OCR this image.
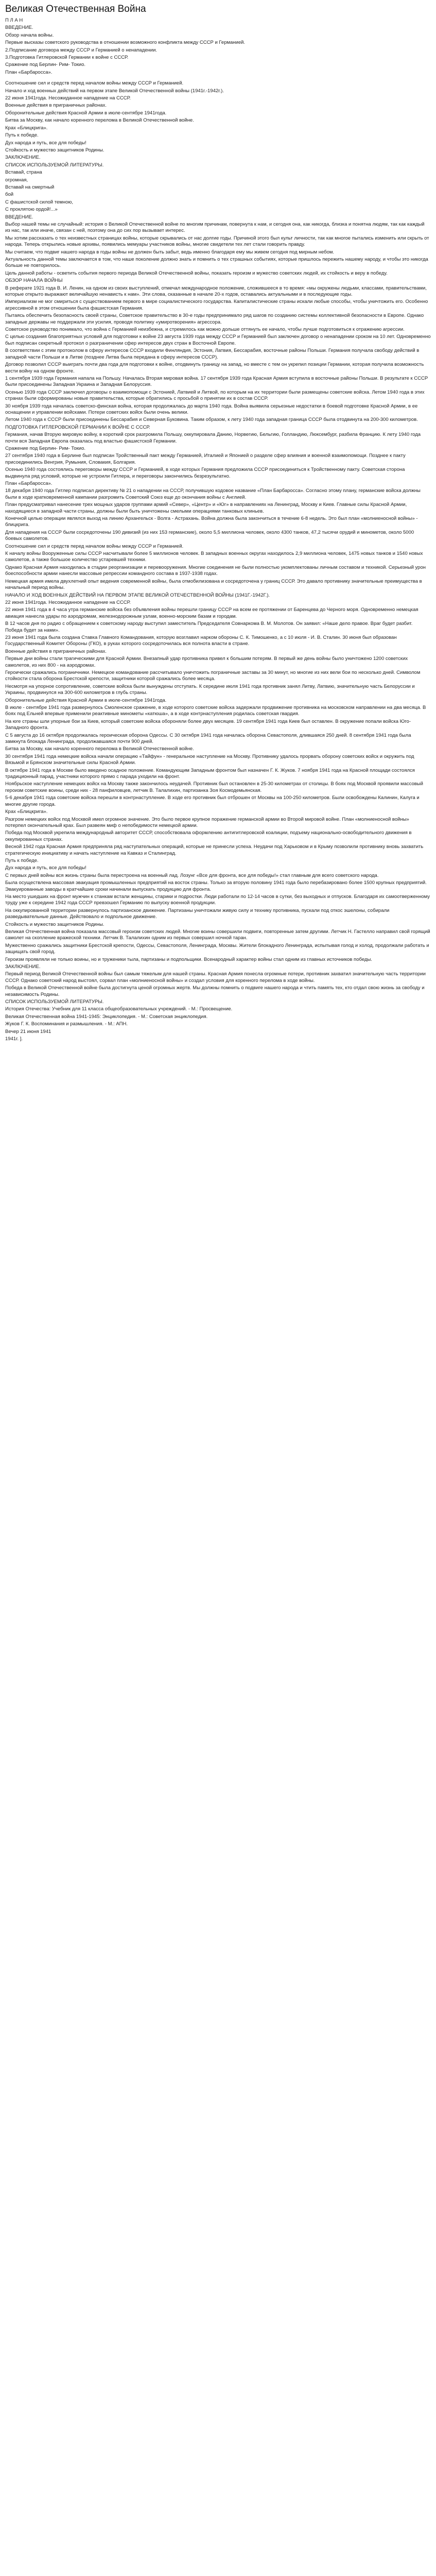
Великая Отечественная Война

П Л А Н

ВВЕДЕНИЕ.

Обзор начала войны.

Первые высказы советского руководства в отношении возможного конфликта между СССР и Германией.

2.Подписание договора между СССР и Германией о ненападении.

3.Подготовка Гитлеровской Германии к войне с СССР.

Сражение под Берлин- Рим- Токио.

План «Барбаросса».

Соотношение сил и средств перед началом войны между СССР и Германией.

Начало и ход военных действий на первом этапе Великой Отечественной войны (1941г.-1942г.).

22 июня 1941года. Несожиданное нападение на СССР.

Военные действия в приграничных районах.

Оборонительные действия Красной Армии в июле-сентябре 1941года.

Битва за Москву, как начало коренного перелома в Великой Отечественной войне.

Крах «Блицкрига».

Путь к победе.

Дух народа и путь, все для победы!

Стойкость и мужество защитников Родины.

ЗАКЛЮЧЕНИЕ.

СПИСОК ИСПОЛЬЗУЕМОЙ ЛИТЕРАТУРЫ.

Вставай, страна

огромная,

Вставай на смертный

бой

С фашистской силой темною,

С проклятою ордой!...»

ВВЕДЕНИЕ.

Выбор нашей темы не случайный: история о Великой Отечественной войне по многим причинам, повернута к нам, и сегодня она, как никогда, близка и понятна людям, так как каждый из нас, так или иначе, связан с ней, поэтому она до сих пор вызывает интерес.

Мы хотим рассказать о тех неизвестных страницах войны, которые скрывались от нас долгие годы. Причиной этого был культ личности, так как многое пытались изменить или скрыть от народа. Теперь открылись новые архивы, появились мемуары участников войны, многие свидетели тех лет стали говорить правду.

Мы считаем, что подвиг нашего народа в годы войны не должен быть забыт, ведь именно благодаря ему мы живем сегодня под мирным небом.

Актуальность данной темы заключается в том, что наше поколение должно знать и помнить о тех страшных событиях, которые пришлось пережить нашему народу, и чтобы это никогда больше не повторилось.

Цель данной работы - осветить события первого периода Великой Отечественной войны, показать героизм и мужество советских людей, их стойкость и веру в победу.

ОБЗОР НАЧАЛА ВОЙНЫ

В реферате 1921 года В. И. Ленин, на одном из своих выступлений, отмечал международное положение, сложившееся в то время: «мы окружены людьми, классами, правительствами, которые открыто выражают величайшую ненависть к нам». Эти слова, сказанные в начале 20-х годов, оставались актуальными и в последующие годы.

Империализм не мог смириться с существованием первого в мире социалистического государства. Капиталистические страны искали любые способы, чтобы уничтожить его. Особенно агрессивной в этом отношении была фашистская Германия.

Пытаясь обеспечить безопасность своей страны, Советское правительство в 30-е годы предпринимало ряд шагов по созданию системы коллективной безопасности в Европе. Однако западные державы не поддержали эти усилия, проводя политику «умиротворения» агрессора.

Советское руководство понимало, что война с Германией неизбежна, и стремилось как можно дольше оттянуть ее начало, чтобы лучше подготовиться к отражению агрессии.

С целью создания благоприятных условий для подготовки к войне 23 августа 1939 года между СССР и Германией был заключен договор о ненападении сроком на 10 лет. Одновременно был подписан секретный протокол о разграничении сфер интересов двух стран в Восточной Европе.

В соответствии с этим протоколом в сферу интересов СССР входили Финляндия, Эстония, Латвия, Бессарабия, восточные районы Польши. Германия получала свободу действий в западной части Польши и в Литве (позднее Литва была передана в сферу интересов СССР).

Договор позволил СССР выиграть почти два года для подготовки к войне, отодвинуть границу на запад, но вместе с тем он укрепил позиции Германии, которая получила возможность вести войну на одном фронте.

1 сентября 1939 года Германия напала на Польшу. Началась Вторая мировая война. 17 сентября 1939 года Красная Армия вступила в восточные районы Польши. В результате к СССР были присоединены Западная Украина и Западная Белоруссия.

Осенью 1939 года СССР заключил договоры о взаимопомощи с Эстонией, Латвией и Литвой, по которым на их территории были размещены советские войска. Летом 1940 года в этих странах были сформированы новые правительства, которые обратились с просьбой о принятии их в состав СССР.

30 ноября 1939 года началась советско-финская война, которая продолжалась до марта 1940 года. Война выявила серьезные недостатки в боевой подготовке Красной Армии, в ее оснащении и управлении войсками. Потери советских войск были очень велики.

Летом 1940 года к СССР были присоединены Бессарабия и Северная Буковина. Таким образом, к лету 1940 года западная граница СССР была отодвинута на 200-300 километров.

ПОДГОТОВКА ГИТЛЕРОВСКОЙ ГЕРМАНИИ К ВОЙНЕ С СССР.

Германия, начав Вторую мировую войну, в короткий срок разгромила Польшу, оккупировала Данию, Норвегию, Бельгию, Голландию, Люксембург, разбила Францию. К лету 1940 года почти вся Западная Европа оказалась под властью фашистской Германии.

Сражение под Берлин- Рим- Токио.

27 сентября 1940 года в Берлине был подписан Тройственный пакт между Германией, Италией и Японией о разделе сфер влияния и военной взаимопомощи. Позднее к пакту присоединились Венгрия, Румыния, Словакия, Болгария.

Осенью 1940 года состоялись переговоры между СССР и Германией, в ходе которых Германия предложила СССР присоединиться к Тройственному пакту. Советская сторона выдвинула ряд условий, которые не устроили Гитлера, и переговоры закончились безрезультатно.

План «Барбаросса».

18 декабря 1940 года Гитлер подписал директиву № 21 о нападении на СССР, получившую кодовое название «План Барбаросса». Согласно этому плану, германские войска должны были в ходе кратковременной кампании разгромить Советский Союз еще до окончания войны с Англией.

План предусматривал нанесение трех мощных ударов группами армий «Север», «Центр» и «Юг» в направлениях на Ленинград, Москву и Киев. Главные силы Красной Армии, находящиеся в западной части страны, должны были быть уничтожены смелыми операциями танковых клиньев.

Конечной целью операции являлся выход на линию Архангельск - Волга - Астрахань. Война должна была закончиться в течение 6-8 недель. Это был план «молниеносной войны» - блицкрига.

Для нападения на СССР были сосредоточены 190 дивизий (из них 153 германские), около 5,5 миллиона человек, около 4300 танков, 47,2 тысячи орудий и минометов, около 5000 боевых самолетов.

Соотношение сил и средств перед началом войны между СССР и Германией.

К началу войны Вооруженные силы СССР насчитывали более 5 миллионов человек. В западных военных округах находилось 2,9 миллиона человек, 1475 новых танков и 1540 новых самолетов, а также большое количество устаревшей техники.

Однако Красная Армия находилась в стадии реорганизации и перевооружения. Многие соединения не были полностью укомплектованы личным составом и техникой. Серьезный урон боеспособности армии нанесли массовые репрессии командного состава в 1937-1938 годах.

Немецкая армия имела двухлетний опыт ведения современной войны, была отмобилизована и сосредоточена у границ СССР. Это давало противнику значительные преимущества в начальный период войны.

НАЧАЛО И ХОД ВОЕННЫХ ДЕЙСТВИЙ НА ПЕРВОМ ЭТАПЕ ВЕЛИКОЙ ОТЕЧЕСТВЕННОЙ ВОЙНЫ (1941Г.-1942Г.).

22 июня 1941года. Несожиданное нападение на СССР.

22 июня 1941 года в 4 часа утра германские войска без объявления войны перешли границу СССР на всем ее протяжении от Баренцева до Черного моря. Одновременно немецкая авиация нанесла удары по аэродромам, железнодорожным узлам, военно-морским базам и городам.

В 12 часов дня по радио с обращением к советскому народу выступил заместитель Председателя Совнаркома В. М. Молотов. Он заявил: «Наше дело правое. Враг будет разбит. Победа будет за нами».

23 июня 1941 года была создана Ставка Главного Командования, которую возглавил нарком обороны С. К. Тимошенко, а с 10 июля - И. В. Сталин. 30 июня был образован Государственный Комитет Обороны (ГКО), в руках которого сосредоточилась вся полнота власти в стране.

Военные действия в приграничных районах.

Первые дни войны стали трагическими для Красной Армии. Внезапный удар противника привел к большим потерям. В первый же день войны было уничтожено 1200 советских самолетов, из них 800 - на аэродромах.

Героически сражались пограничники. Немецкое командование рассчитывало уничтожить пограничные заставы за 30 минут, но многие из них вели бои по несколько дней. Символом стойкости стала оборона Брестской крепости, защитники которой сражались более месяца.

Несмотря на упорное сопротивление, советские войска были вынуждены отступать. К середине июля 1941 года противник занял Литву, Латвию, значительную часть Белоруссии и Украины, продвинулся на 300-600 километров в глубь страны.

Оборонительные действия Красной Армии в июле-сентябре 1941года.

В июле - сентябре 1941 года развернулось Смоленское сражение, в ходе которого советские войска задержали продвижение противника на московском направлении на два месяца. В боях под Ельней впервые применили реактивные минометы «катюша», а в ходе контрнаступления родилась советская гвардия.

На юге страны шли упорные бои за Киев, который советские войска обороняли более двух месяцев. 19 сентября 1941 года Киев был оставлен. В окружение попали войска Юго-Западного фронта.

С 5 августа до 16 октября продолжалась героическая оборона Одессы. С 30 октября 1941 года началась оборона Севастополя, длившаяся 250 дней. 8 сентября 1941 года была замкнута блокада Ленинграда, продолжавшаяся почти 900 дней.

Битва за Москву, как начало коренного перелома в Великой Отечественной войне.

30 сентября 1941 года немецкие войска начали операцию «Тайфун» - генеральное наступление на Москву. Противнику удалось прорвать оборону советских войск и окружить под Вязьмой и Брянском значительные силы Красной Армии.

В октябре 1941 года в Москве было введено осадное положение. Командующим Западным фронтом был назначен Г. К. Жуков. 7 ноября 1941 года на Красной площади состоялся традиционный парад, участники которого прямо с парада уходили на фронт.

Ноябрьское наступление немецких войск на Москву также закончилось неудачей. Противник был остановлен в 25-30 километрах от столицы. В боях под Москвой проявили массовый героизм советские воины, среди них - 28 панфиловцев, летчик В. Талалихин, партизанка Зоя Космодемьянская.

5-6 декабря 1941 года советские войска перешли в контрнаступление. В ходе его противник был отброшен от Москвы на 100-250 километров. Были освобождены Калинин, Калуга и многие другие города.

Крах «Блицкрига».

Разгром немецких войск под Москвой имел огромное значение. Это было первое крупное поражение германской армии во Второй мировой войне. План «молниеносной войны» потерпел окончательный крах. Был развеян миф о непобедимости немецкой армии.

Победа под Москвой укрепила международный авторитет СССР, способствовала оформлению антигитлеровской коалиции, подъему национально-освободительного движения в оккупированных странах.

Весной 1942 года Красная Армия предприняла ряд наступательных операций, которые не принесли успеха. Неудачи под Харьковом и в Крыму позволили противнику вновь захватить стратегическую инициативу и начать наступление на Кавказ и Сталинград.

Путь к победе.

Дух народа и путь, все для победы!

С первых дней войны вся жизнь страны была перестроена на военный лад. Лозунг «Все для фронта, все для победы!» стал главным для всего советского народа.

Была осуществлена массовая эвакуация промышленных предприятий на восток страны. Только за вторую половину 1941 года было перебазировано более 1500 крупных предприятий. Эвакуированные заводы в кратчайшие сроки начинали выпускать продукцию для фронта.

На место ушедших на фронт мужчин к станкам встали женщины, старики и подростки. Люди работали по 12-14 часов в сутки, без выходных и отпусков. Благодаря их самоотверженному труду уже к середине 1942 года СССР превзошел Германию по выпуску военной продукции.

На оккупированной территории развернулось партизанское движение. Партизаны уничтожали живую силу и технику противника, пускали под откос эшелоны, собирали разведывательные данные. Действовало и подпольное движение.

Стойкость и мужество защитников Родины.

Великая Отечественная война показала массовый героизм советских людей. Многие воины совершили подвиги, повторенные затем другими. Летчик Н. Гастелло направил свой горящий самолет на скопление вражеской техники. Летчик В. Талалихин одним из первых совершил ночной таран.

Мужественно сражались защитники Брестской крепости, Одессы, Севастополя, Ленинграда, Москвы. Жители блокадного Ленинграда, испытывая голод и холод, продолжали работать и защищать свой город.

Героизм проявляли не только воины, но и труженики тыла, партизаны и подпольщики. Всенародный характер войны стал одним из главных источников победы.

ЗАКЛЮЧЕНИЕ.

Первый период Великой Отечественной войны был самым тяжелым для нашей страны. Красная Армия понесла огромные потери, противник захватил значительную часть территории СССР. Однако советский народ выстоял, сорвал план «молниеносной войны» и создал условия для коренного перелома в ходе войны.

Победа в Великой Отечественной войне была достигнута ценой огромных жертв. Мы должны помнить о подвиге нашего народа и чтить память тех, кто отдал свою жизнь за свободу и независимость Родины.

СПИСОК ИСПОЛЬЗУЕМОЙ ЛИТЕРАТУРЫ.

История Отечества: Учебник для 11 класса общеобразовательных учреждений. - М.: Просвещение.

Великая Отечественная война 1941-1945: Энциклопедия. - М.: Советская энциклопедия.

Жуков Г. К. Воспоминания и размышления. - М.: АПН.

Вечер 21 июня 1941

1941г. ].
